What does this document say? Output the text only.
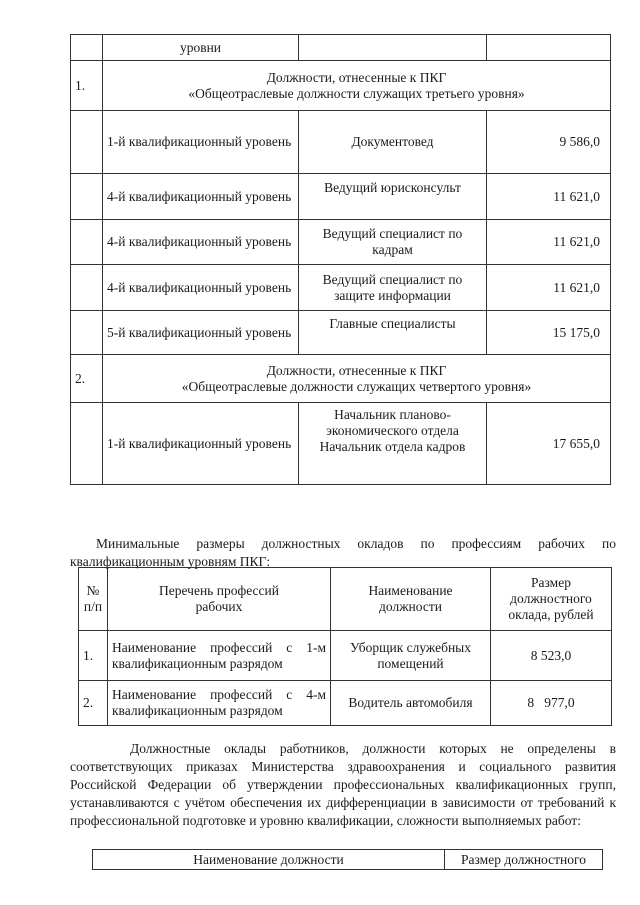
	уровни		
1.	Должности, отнесенные к ПКГ
«Общеотраслевые должности служащих третьего уровня»		

	1-й квалификационный уровень	Документовед	9 586,0
	4-й квалификационный уровень	Ведущий юрисконсульт	11 621,0
	4-й квалификационный уровень	Ведущий специалист по кадрам	11 621,0
	4-й квалификационный уровень	Ведущий специалист по защите информации	11 621,0
	5-й квалификационный уровень	Главные специалисты	15 175,0
2.	Должности, отнесенные к ПКГ
«Общеотраслевые должности служащих четвертого уровня»		

	1-й квалификационный уровень	Начальник планово-
экономического отдела
Начальник отдела кадров	17 655,0
Минимальные размеры должностных окладов по профессиям рабочих по квалификационным уровням ПКГ:
№ п/п	Перечень профессий рабочих	Наименование должности	Размер должностного оклада, рублей
1.	Наименование профессий с 1-м квалификационным разрядом	Уборщик служебных помещений	8 523,0
2.	Наименование профессий с 4-м квалификационным разрядом	Водитель автомобиля	8   977,0
Должностные оклады работников, должности которых не определены в соответствующих приказах Министерства здравоохранения и социального развития Российской Федерации об утверждении профессиональных квалификационных групп, устанавливаются с учётом обеспечения их дифференциации в зависимости от требований к профессиональной подготовке и уровню квалификации, сложности выполняемых работ:
Наименование должности	Размер должностного
